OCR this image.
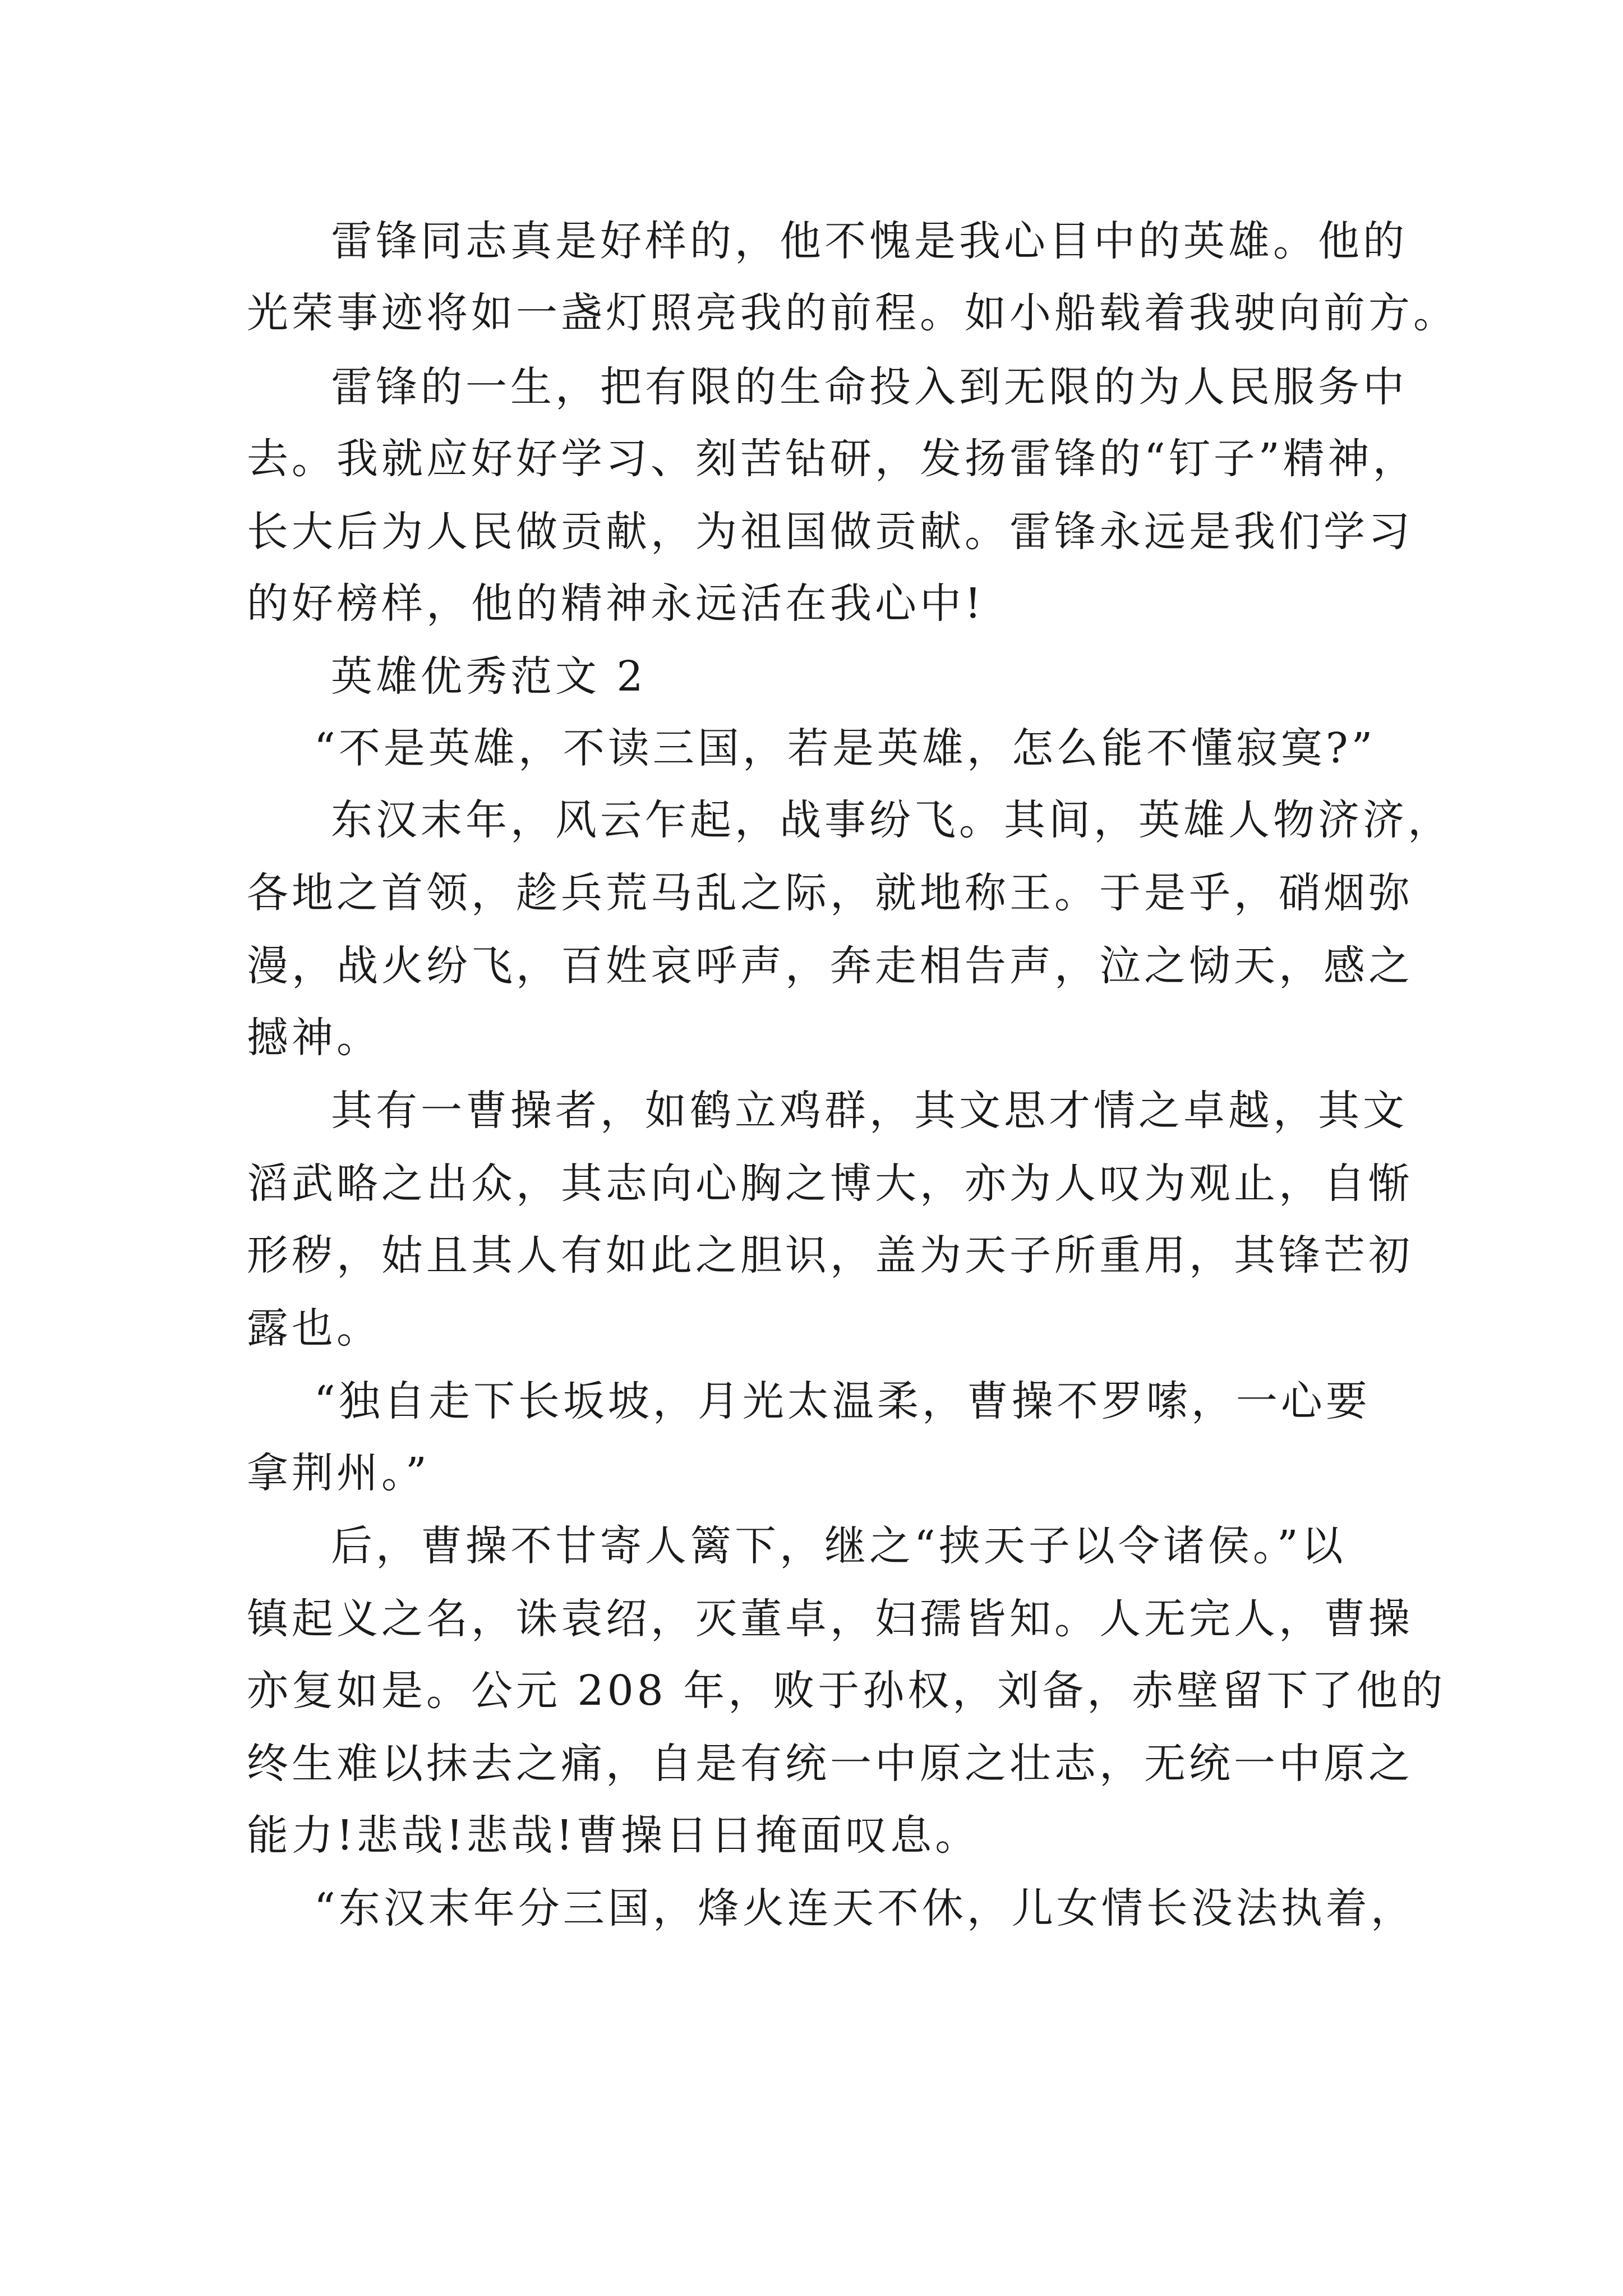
雷锋同志真是好样的，他不愧是我心目中的英雄。他的

光荣事迹将如一盏灯照亮我的前程。如小船载着我驶向前方。

雷锋的一生，把有限的生命投入到无限的为人民服务中

去。我就应好好学习、刻苦钻研，发扬雷锋的“钉子”精神，

长大后为人民做贡献，为祖国做贡献。雷锋永远是我们学习

的好榜样，他的精神永远活在我心中!

英雄优秀范文 2

“不是英雄，不读三国，若是英雄，怎么能不懂寂寞?”

东汉末年，风云乍起，战事纷飞。其间，英雄人物济济，

各地之首领，趁兵荒马乱之际，就地称王。于是乎，硝烟弥

漫，战火纷飞，百姓哀呼声，奔走相告声，泣之恸天，感之

撼神。

其有一曹操者，如鹤立鸡群，其文思才情之卓越，其文

滔武略之出众，其志向心胸之博大，亦为人叹为观止，自惭

形秽，姑且其人有如此之胆识，盖为天子所重用，其锋芒初

露也。

“独自走下长坂坡，月光太温柔，曹操不罗嗦，一心要

拿荆州。”

后，曹操不甘寄人篱下，继之“挟天子以令诸侯。”以

镇起义之名，诛袁绍，灭董卓，妇孺皆知。人无完人，曹操

亦复如是。公元 208 年，败于孙权，刘备，赤壁留下了他的

终生难以抹去之痛，自是有统一中原之壮志，无统一中原之

能力!悲哉!悲哉!曹操日日掩面叹息。

“东汉末年分三国，烽火连天不休，儿女情长没法执着，
